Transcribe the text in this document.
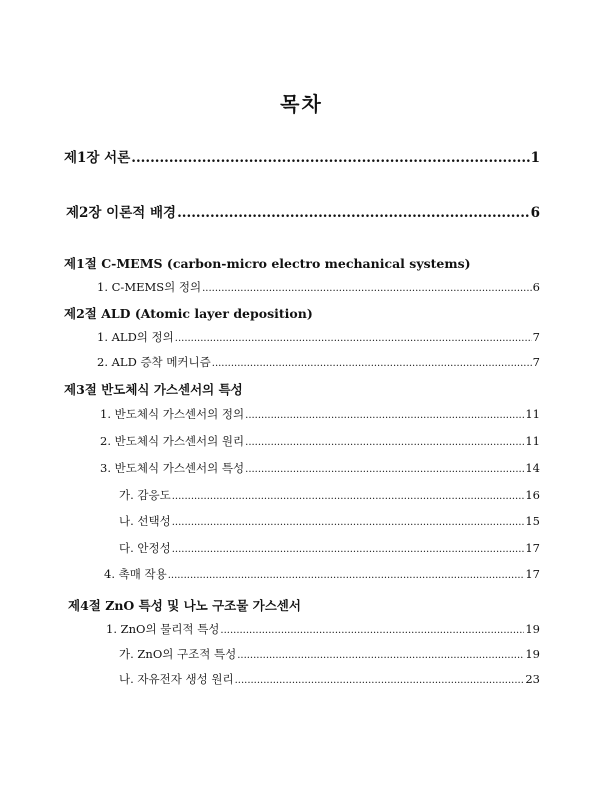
목차
제1장 서론 .....	1
제2장 이론적 배경 .....	6
제1절 C-MEMS (carbon-micro electro mechanical systems)
1. C-MEMS의 정의 .....	6
제2절 ALD (Atomic layer deposition)
1. ALD의 정의 .....	7
2. ALD 증착 메커니즘 .....	7
제3절 반도체식 가스센서의 특성
1. 반도체식 가스센서의 정의 .....	11
2. 반도체식 가스센서의 원리 .....	11
3. 반도체식 가스센서의 특성 .....	14
가. 감응도 .....	16
나. 선택성 .....	15
다. 안정성 .....	17
4. 촉매 작용 .....	17
제4절 ZnO 특성 및 나노 구조물 가스센서
1. ZnO의 물리적 특성 .....	19
가. ZnO의 구조적 특성 .....	19
나. 자유전자 생성 원리 .....	23
